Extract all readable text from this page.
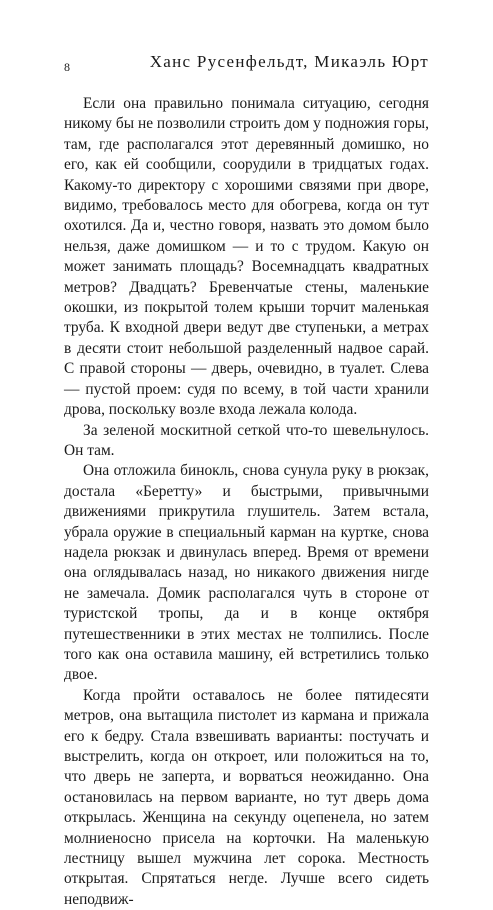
8	Ханс Русенфельдт, Микаэль Юрт

Если она правильно понимала ситуацию, сегодня никому бы не позволили строить дом у подножия горы, там, где располагался этот деревянный домишко, но его, как ей сообщили, соорудили в тридцатых годах. Какому-то директору с хорошими связями при дворе, видимо, требовалось место для обогрева, когда он тут охотился. Да и, честно говоря, назвать это домом было нельзя, даже домишком — и то с трудом. Какую он может занимать площадь? Восемнадцать квадратных метров? Двадцать? Бревенчатые стены, маленькие окошки, из покрытой толем крыши торчит маленькая труба. К входной двери ведут две ступеньки, а метрах в десяти стоит небольшой разделенный надвое сарай. С правой стороны — дверь, очевидно, в туалет. Слева — пустой проем: судя по всему, в той части хранили дрова, поскольку возле входа лежала колода.

За зеленой москитной сеткой что-то шевельнулось. Он там.

Она отложила бинокль, снова сунула руку в рюкзак, достала «Беретту» и быстрыми, привычными движениями прикрутила глушитель. Затем встала, убрала оружие в специальный карман на куртке, снова надела рюкзак и двинулась вперед. Время от времени она оглядывалась назад, но никакого движения нигде не замечала. Домик располагался чуть в стороне от туристской тропы, да и в конце октября путешественники в этих местах не толпились. После того как она оставила машину, ей встретились только двое.

Когда пройти оставалось не более пятидесяти метров, она вытащила пистолет из кармана и прижала его к бедру. Стала взвешивать варианты: постучать и выстрелить, когда он откроет, или положиться на то, что дверь не заперта, и ворваться неожиданно. Она остановилась на первом варианте, но тут дверь дома открылась. Женщина на секунду оцепенела, но затем молниеносно присела на корточки. На маленькую лестницу вышел мужчина лет сорока. Местность открытая. Спрятаться негде. Лучше всего сидеть неподвиж-
